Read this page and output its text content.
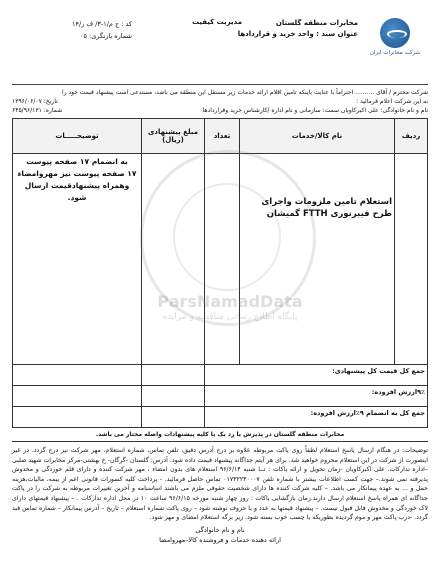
شرکت مخابرات ایران
مخابرات منطقه گلستان
عنوان سند : واحد خرید و قراردادها
مدیریت کیفیت
کد : ج م/۱-۳/ ف ر/۱۴
شماره بازنگری: ۰۵
شرکت محترم / آقای .......... احتراماً با عنایت باینکه تامین اقلام ارائه خدمات زیر مستقل این منطقه می باشد، مستدعی است پیشنهاد قیمت خود را
به این شرکت اعلام فرمائید :
تاریخ: ۱۳۹۶/۰۶/۰۷
نام و نام خانوادگی: علی اکبرکاویان سمت: سازمانی و نام اداره /کارشناس خرید وقراردادها
شماره: ۶۴۵/۹۶/۱۳۱
ردیف	نام کالا/خدمات	تعداد	مبلغ پیشنهادی (ریال)	توضیحـــــات

	استعلام تامین ملزومات واجرای طرح فیبرنوری FTTH گمیشان			به انضمام ۱۷ صفحه پیوست
۱۷ صفحه پیوست نیز مهروامضاء وهمراه پیشنهادقیمت ارسال شود.

جمع کل قیمت کل پیشنهادی:				
۹٪ارزش افزوده:				
جمع کل به انضمام ۹٪ارزش افزوده:				
مخابرات منطقه گلستان در پذیرش یا رد یک یا کلیه پیشنهادات واصله مختار می باشد.
توضیحات: در هنگام ارسال پاسخ استعلام لطفاً روی پاکت مربوطه علاوه بر درج آدرس دقیق، تلفن تماس، شماره استعلام، مهر شرکت نیز درج گردد. در غیر اینصورت از شرکت در این استعلام محروم خواهید شد. برای هر آیتم جداگانه پیشنهاد قیمت داده شود. آدرس: گلستان -گرگان- خ بهشتی-مرکز مخابرات شهید صلبی –اداره تدارکات. علی اکبرکاویان -زمان تحویل و ارائه پاکات : تــا شنبه ۹۶/۶/۱۴ استعلام های بدون امضاء ، مهر شرکت کننده و دارای قلم خوردگی و مخدوش پذیرفته نمی شوند.– جهت کسب اطلاعات بیشتر با شماره تلفن ۰۱۷۳۲۲۴۰۰۰۷ تماس حاصل فرمائید. - پرداخت کلیه کسورات قانونی اعم از بیمه، مالیات،هزینه حمل و ... به عهده پیمانکار می باشد. – کلیه شرکت کننده ها دارای شخصیت حقوقی ملزم می باشند اساسنامه و آخرین تغییرات مربوطه به شرکت را در پاکت جداگانه ای همراه پاسخ استعلام ارسال دارند.زمان بازگشایی پاکات : روز چهار شنبه مورخه ۹۶/۶/۱۵ ساعت ۱۰ در محل اداره تدارکات . – پیشنهاد قیمتهای دارای لاک خوردگی و مخدوش قابل قبول نیست. – پیشنهاد قیمتها به عدد و با حروف نوشته شود – روی پاکت شماره استعلام – تاریخ – آدرس پیمانکار – شماره تماس قید گردد. -درب پاکت مهر و موم گردیده بطوریکه یا چسب خوب بسته شود. زیر برگه استعلام امضای و مهر شود.
نام و نام خانوادگی
ارائه دهنده خدمات و فروشنده کالا–مهروامضا
ParsNamadData
پایگاه اطلاع رسانی مناقصه و مزایده
